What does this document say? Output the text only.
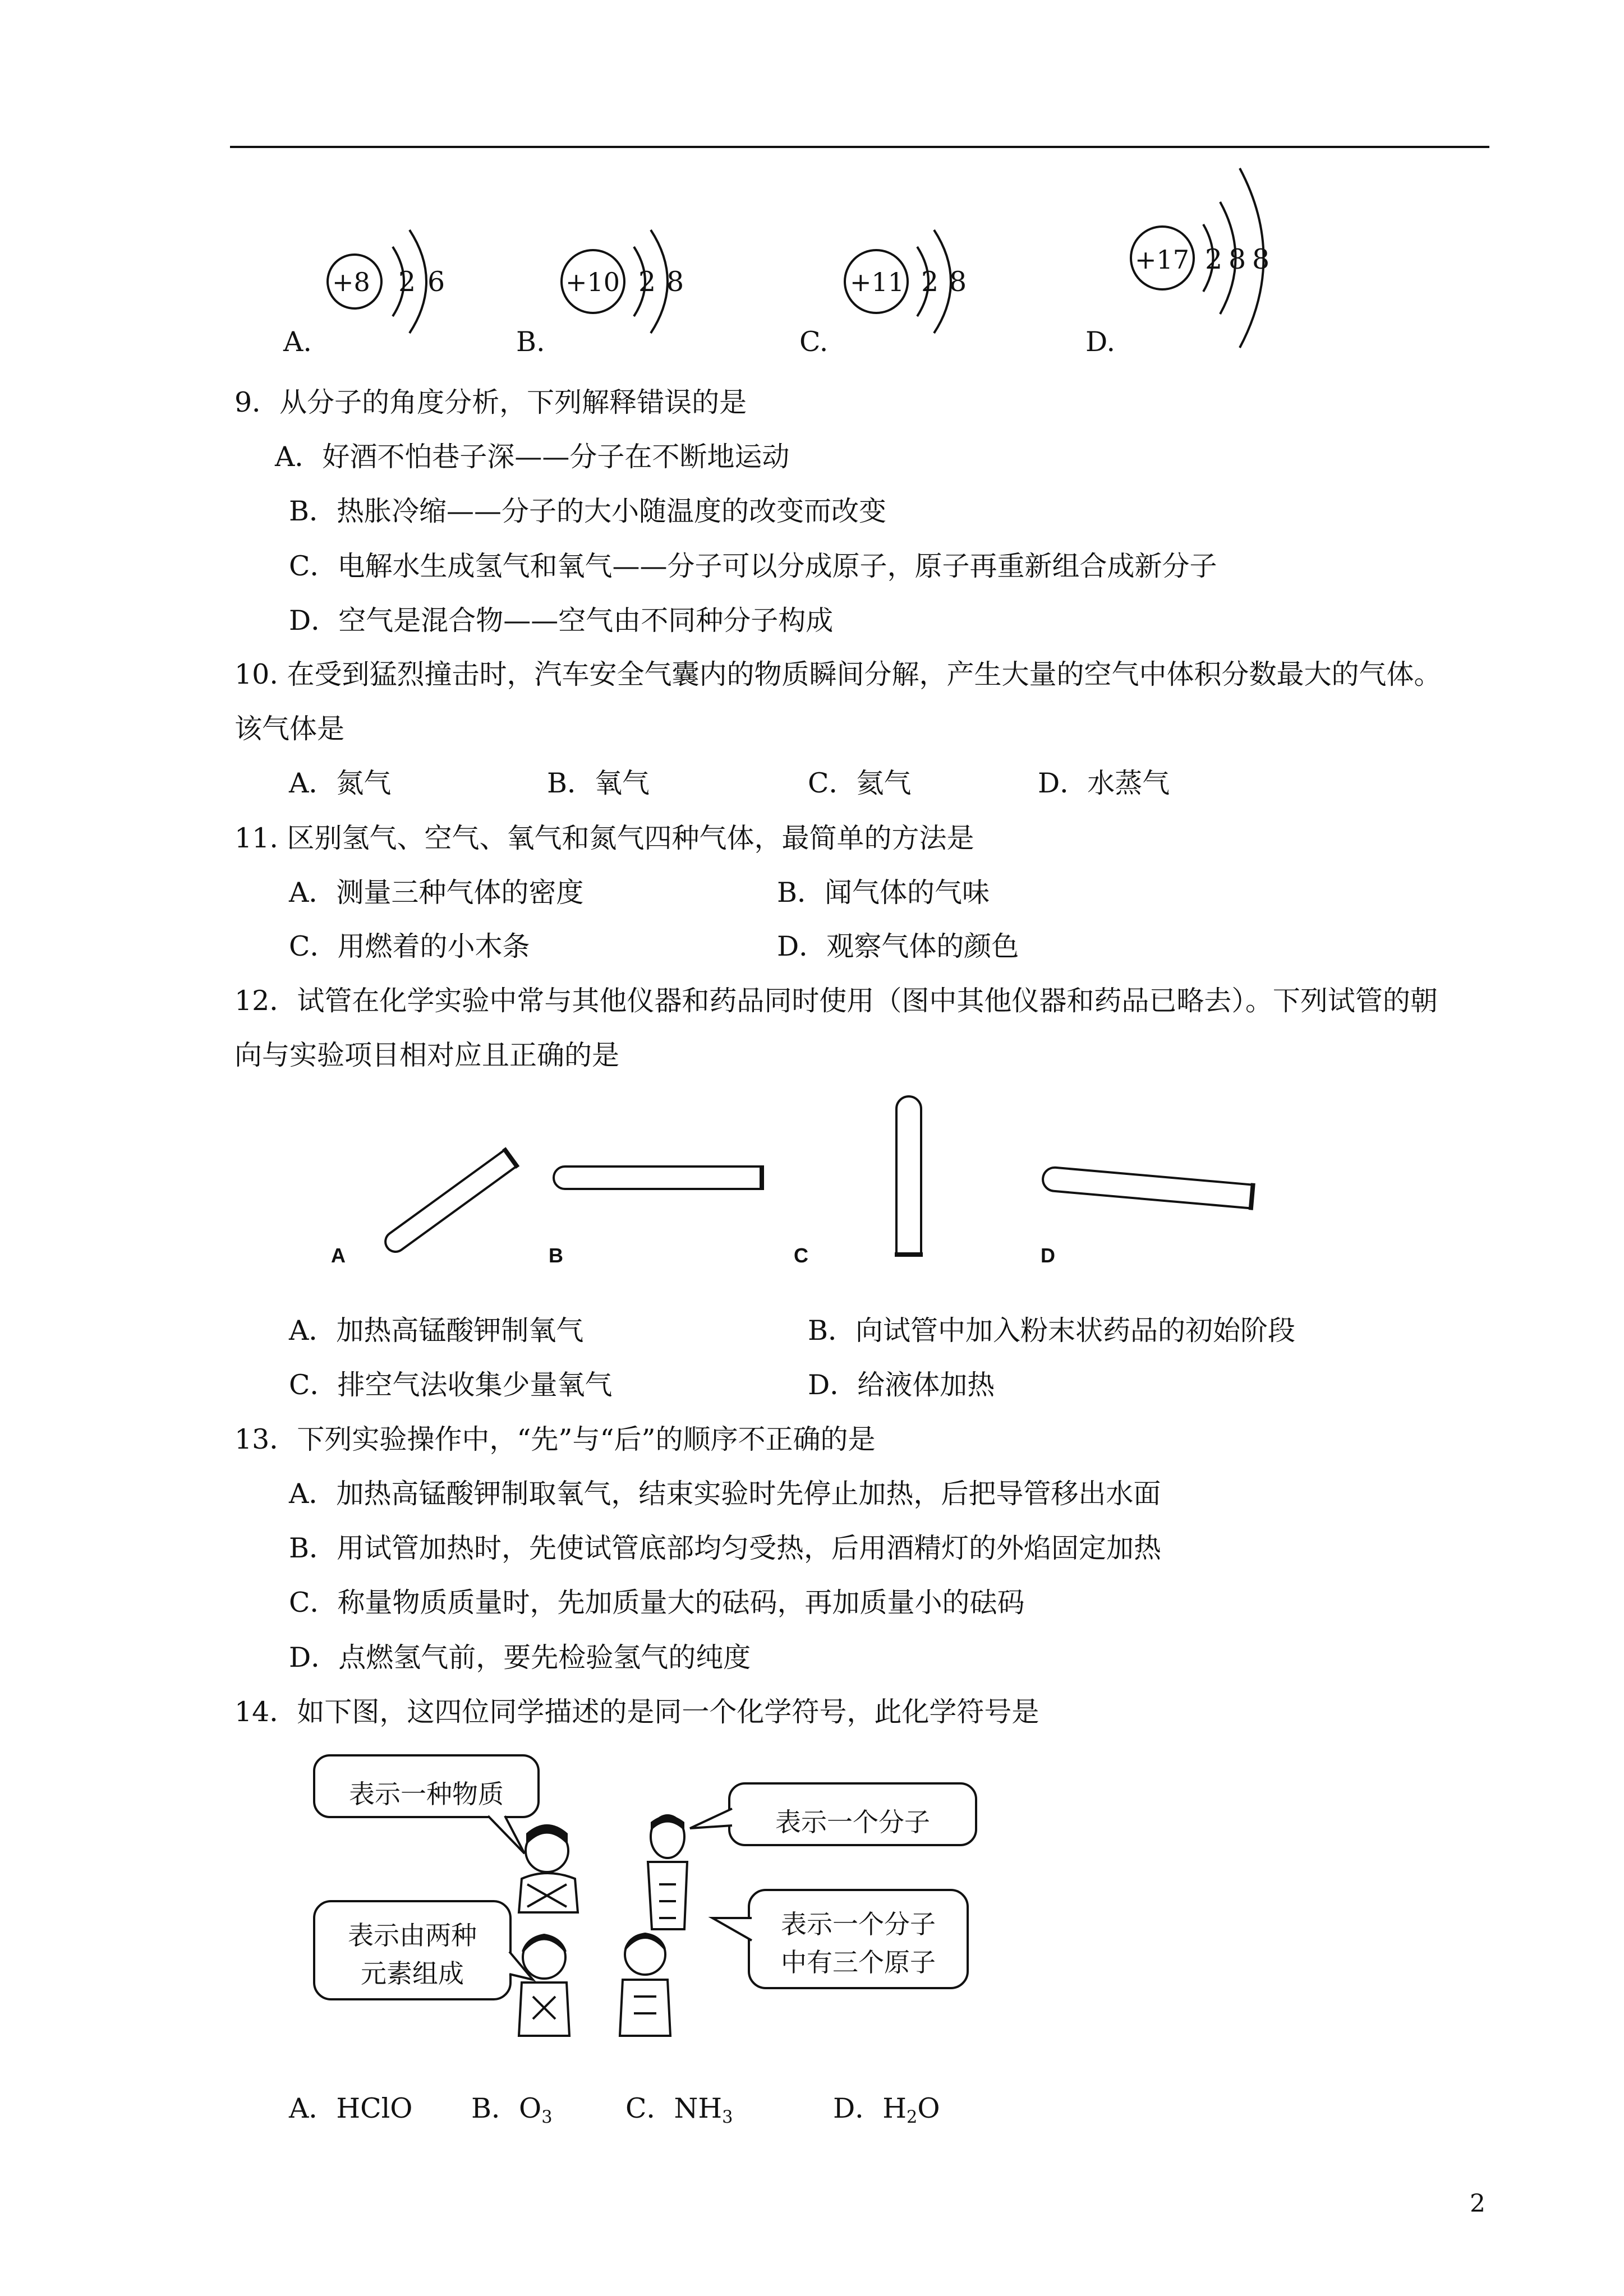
+8 2 6
A.
+10 2 8
B.
+11 2 8
C.
+17 2 8 8
D.
9．从分子的角度分析，下列解释错误的是
A．好酒不怕巷子深——分子在不断地运动
B．热胀冷缩——分子的大小随温度的改变而改变
C．电解水生成氢气和氧气——分子可以分成原子，原子再重新组合成新分子
D．空气是混合物——空气由不同种分子构成
10. 在受到猛烈撞击时，汽车安全气囊内的物质瞬间分解，产生大量的空气中体积分数最大的气体。
该气体是
A．氮气	B．氧气	C．氦气	D．水蒸气
11. 区别氢气、空气、氧气和氮气四种气体，最简单的方法是
A．测量三种气体的密度	B．闻气体的气味
C．用燃着的小木条	D．观察气体的颜色
12．试管在化学实验中常与其他仪器和药品同时使用（图中其他仪器和药品已略去）。下列试管的朝
向与实验项目相对应且正确的是
A	B	C	D
A．加热高锰酸钾制氧气	B．向试管中加入粉末状药品的初始阶段
C．排空气法收集少量氧气	D．给液体加热
13．下列实验操作中，“先”与“后”的顺序不正确的是
A．加热高锰酸钾制取氧气，结束实验时先停止加热，后把导管移出水面
B．用试管加热时，先使试管底部均匀受热，后用酒精灯的外焰固定加热
C．称量物质质量时，先加质量大的砝码，再加质量小的砝码
D．点燃氢气前，要先检验氢气的纯度
14．如下图，这四位同学描述的是同一个化学符号，此化学符号是
表示一种物质
表示一个分子
表示由两种
元素组成
表示一个分子
中有三个原子
A．HClO B．$O_3$	C．$NH_3$	D．$H_2O$
2
